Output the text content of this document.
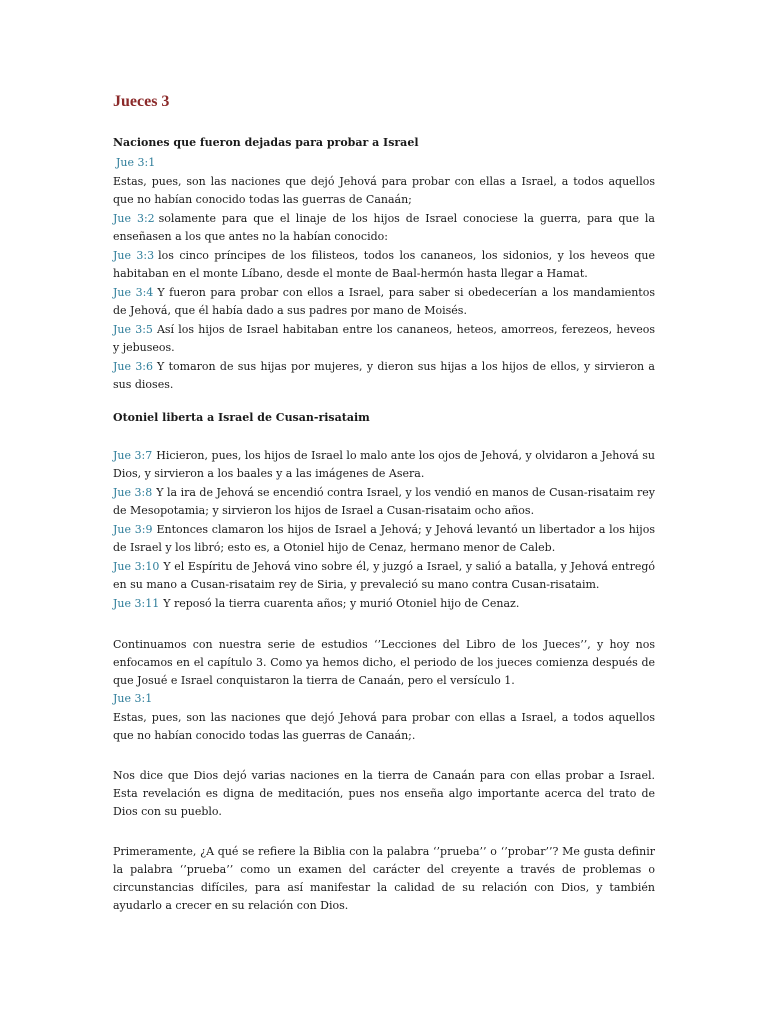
Jueces 3
Naciones que fueron dejadas para probar a Israel
Jue 3:1

Estas, pues, son las naciones que dejó Jehová para probar con ellas a Israel, a todos aquellos que no habían conocido todas las guerras de Canaán;

Jue 3:2 solamente para que el linaje de los hijos de Israel conociese la guerra, para que la enseñasen a los que antes no la habían conocido:

Jue 3:3 los cinco príncipes de los filisteos, todos los cananeos, los sidonios, y los heveos que habitaban en el monte Líbano, desde el monte de Baal-hermón hasta llegar a Hamat.

Jue 3:4 Y fueron para probar con ellos a Israel, para saber si obedecerían a los mandamientos de Jehová, que él había dado a sus padres por mano de Moisés.

Jue 3:5 Así los hijos de Israel habitaban entre los cananeos, heteos, amorreos, ferezeos, heveos y jebuseos.

Jue 3:6 Y tomaron de sus hijas por mujeres, y dieron sus hijas a los hijos de ellos, y sirvieron a sus dioses.

Otoniel liberta a Israel de Cusan-risataim

Jue 3:7 Hicieron, pues, los hijos de Israel lo malo ante los ojos de Jehová, y olvidaron a Jehová su Dios, y sirvieron a los baales y a las imágenes de Asera.

Jue 3:8 Y la ira de Jehová se encendió contra Israel, y los vendió en manos de Cusan-risataim rey de Mesopotamia; y sirvieron los hijos de Israel a Cusan-risataim ocho años.

Jue 3:9 Entonces clamaron los hijos de Israel a Jehová; y Jehová levantó un libertador a los hijos de Israel y los libró; esto es, a Otoniel hijo de Cenaz, hermano menor de Caleb.

Jue 3:10 Y el Espíritu de Jehová vino sobre él, y juzgó a Israel, y salió a batalla, y Jehová entregó en su mano a Cusan-risataim rey de Siria, y prevaleció su mano contra Cusan-risataim.

Jue 3:11 Y reposó la tierra cuarenta años; y murió Otoniel hijo de Cenaz.

Continuamos con nuestra serie de estudios ‘’Lecciones del Libro de los Jueces’’, y hoy nos enfocamos en el capítulo 3. Como ya hemos dicho, el periodo de los jueces comienza después de que Josué e Israel conquistaron la tierra de Canaán, pero el versículo 1.

Jue 3:1

Estas, pues, son las naciones que dejó Jehová para probar con ellas a Israel, a todos aquellos que no habían conocido todas las guerras de Canaán;.

Nos dice que Dios dejó varias naciones en la tierra de Canaán para con ellas probar a Israel. Esta revelación es digna de meditación, pues nos enseña algo importante acerca del trato de Dios con su pueblo.

Primeramente, ¿A qué se refiere la Biblia con la palabra ‘’prueba’’ o ‘’probar’’? Me gusta definir la palabra ‘’prueba’’ como un examen del carácter del creyente a través de problemas o circunstancias difíciles, para así manifestar la calidad de su relación con Dios, y también ayudarlo a crecer en su relación con Dios.
